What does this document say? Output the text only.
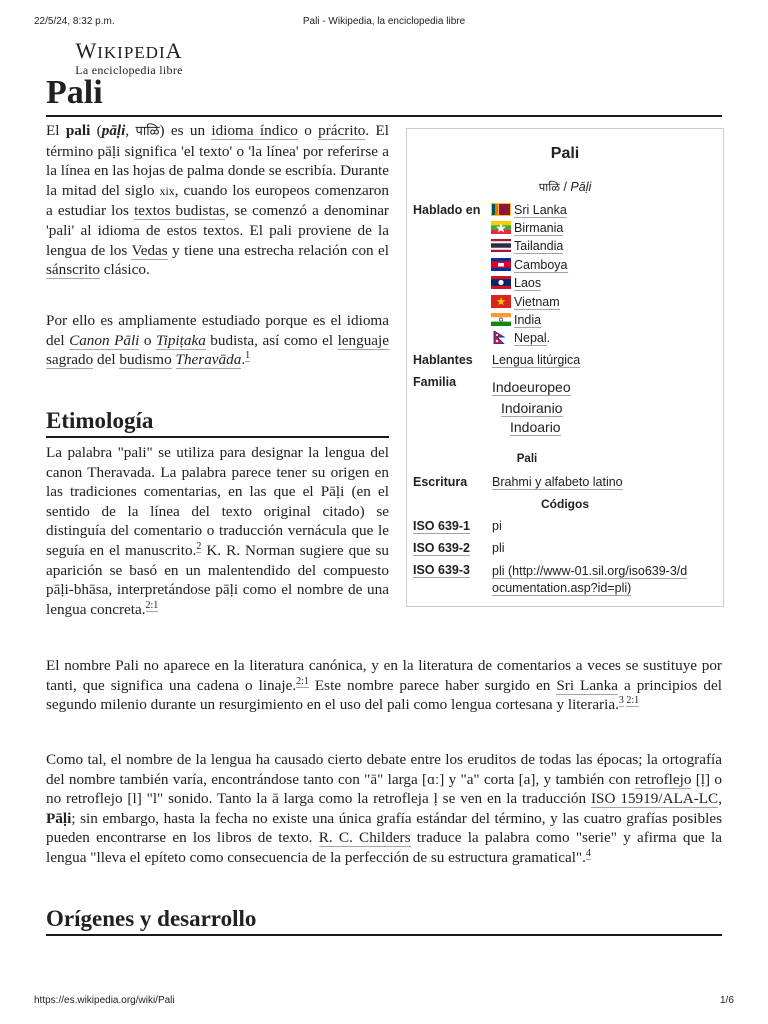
22/5/24, 8:32 p.m.	Pali - Wikipedia, la enciclopedia libre
WIKIPEDIA
La enciclopedia libre
Pali

El pali (pāḷi, पाळि) es un idioma índico o prácrito. El término pāḷi significa 'el texto' o 'la línea' por referirse a la línea en las hojas de palma donde se escribía. Durante la mitad del siglo xix, cuando los europeos comenzaron a estudiar los textos budistas, se comenzó a denominar 'pali' al idioma de estos textos. El pali proviene de la lengua de los Vedas y tiene una estrecha relación con el sánscrito clásico.

Por ello es ampliamente estudiado porque es el idioma del Canon Pāli o Tipiṭaka budista, así como el lenguaje sagrado del budismo Theravāda.$^1$

Etimología

La palabra "pali" se utiliza para designar la lengua del canon Theravada. La palabra parece tener su origen en las tradiciones comentarias, en las que el Pāḷi (en el sentido de la línea del texto original citado) se distinguía del comentario o traducción vernácula que le seguía en el manuscrito.$^2$ K. R. Norman sugiere que su aparición se basó en un malentendido del compuesto pāḷi-bhāsa, interpretándose pāḷi como el nombre de una lengua concreta.$^{2:1}$

El nombre Pali no aparece en la literatura canónica, y en la literatura de comentarios a veces se sustituye por tanti, que significa una cadena o linaje.$^{2:1}$ Este nombre parece haber surgido en Sri Lanka a principios del segundo milenio durante un resurgimiento en el uso del pali como lengua cortesana y literaria.$^{3 2:1}$

Como tal, el nombre de la lengua ha causado cierto debate entre los eruditos de todas las épocas; la ortografía del nombre también varía, encontrándose tanto con "ā" larga [ɑː] y "a" corta [a], y también con retroflejo [ḷ] o no retroflejo [l] "l" sonido. Tanto la ā larga como la retrofleja ḷ se ven en la traducción ISO 15919/ALA-LC, Pāḷi; sin embargo, hasta la fecha no existe una única grafía estándar del término, y las cuatro grafías posibles pueden encontrarse en los libros de texto. R. C. Childers traduce la palabra como "serie" y afirma que la lengua "lleva el epíteto como consecuencia de la perfección de su estructura gramatical".$^4$

Orígenes y desarrollo
Pali
पाळि / Pāḷi
Hablado en	Sri Lanka
Birmania
Tailandia
Camboya
Laos
Vietnam
India
Nepal.
Hablantes Lengua litúrgica
Familia	Indoeuropeo
Indoiranio
Indoario
Pali
Escritura Brahmi y alfabeto latino
Códigos
ISO 639-1 pi
ISO 639-2 pli
ISO 639-3 pli (http://www-01.sil.org/iso639-3/d
ocumentation.asp?id=pli)
https://es.wikipedia.org/wiki/Pali	1/6
